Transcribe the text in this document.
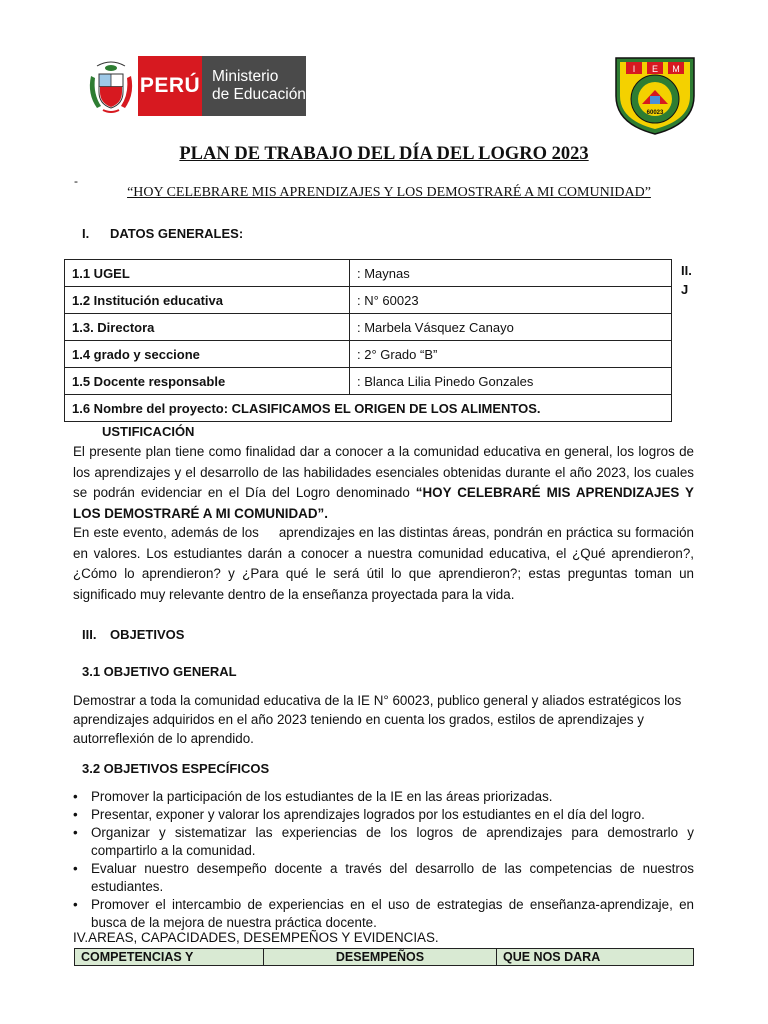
PERÚ Ministerio
de Educación
I E M
60023
PLAN DE TRABAJO DEL DÍA DEL LOGRO 2023
-
“HOY CELEBRARE MIS APRENDIZAJES Y LOS DEMOSTRARÉ A MI COMUNIDAD”
I. DATOS GENERALES:
1.1 UGEL	: Maynas
1.2 Institución educativa	: N° 60023
1.3. Directora	: Marbela Vásquez Canayo
1.4 grado y seccione	: 2° Grado “B”
1.5 Docente responsable	: Blanca Lilia Pinedo Gonzales
1.6 Nombre del proyecto: CLASIFICAMOS EL ORIGEN DE LOS ALIMENTOS.	
II.
J
USTIFICACIÓN
El presente plan tiene como finalidad dar a conocer a la comunidad educativa en general, los logros de los aprendizajes y el desarrollo de las habilidades esenciales obtenidas durante el año 2023, los cuales se podrán evidenciar en el Día del Logro denominado “HOY CELEBRARÉ MIS APRENDIZAJES Y LOS DEMOSTRARÉ A MI COMUNIDAD”.
En este evento, además de los aprendizajes en las distintas áreas, pondrán en práctica su formación en valores. Los estudiantes darán a conocer a nuestra comunidad educativa, el ¿Qué aprendieron?, ¿Cómo lo aprendieron? y ¿Para qué le será útil lo que aprendieron?; estas preguntas toman un significado muy relevante dentro de la enseñanza proyectada para la vida.
III. OBJETIVOS
3.1 OBJETIVO GENERAL
Demostrar a toda la comunidad educativa de la IE N° 60023, publico general y aliados estratégicos los aprendizajes adquiridos en el año 2023 teniendo en cuenta los grados, estilos de aprendizajes y autorreflexión de lo aprendido.
3.2 OBJETIVOS ESPECÍFICOS
• Promover la participación de los estudiantes de la IE en las áreas priorizadas.
• Presentar, exponer y valorar los aprendizajes logrados por los estudiantes en el día del logro.
• Organizar y sistematizar las experiencias de los logros de aprendizajes para demostrarlo y compartirlo a la comunidad.
• Evaluar nuestro desempeño docente a través del desarrollo de las competencias de nuestros estudiantes.
• Promover el intercambio de experiencias en el uso de estrategias de enseñanza-aprendizaje, en busca de la mejora de nuestra práctica docente.
IV.AREAS, CAPACIDADES, DESEMPEÑOS Y EVIDENCIAS.
COMPETENCIAS Y	DESEMPEÑOS	QUE NOS DARA
